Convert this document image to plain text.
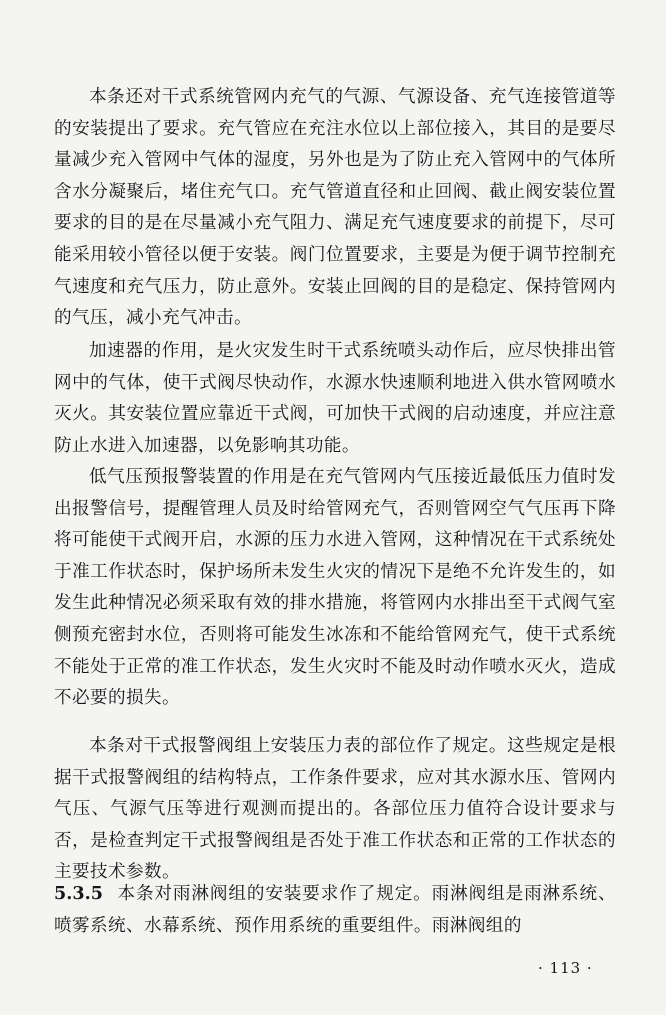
本条还对干式系统管网内充气的气源、气源设备、充气连接管道等的安装提出了要求。充气管应在充注水位以上部位接入，其目的是要尽量减少充入管网中气体的湿度，另外也是为了防止充入管网中的气体所含水分凝聚后，堵住充气口。充气管道直径和止回阀、截止阀安装位置要求的目的是在尽量减小充气阻力、满足充气速度要求的前提下，尽可能采用较小管径以便于安装。阀门位置要求，主要是为便于调节控制充气速度和充气压力，防止意外。安装止回阀的目的是稳定、保持管网内的气压，减小充气冲击。

加速器的作用，是火灾发生时干式系统喷头动作后，应尽快排出管网中的气体，使干式阀尽快动作，水源水快速顺利地进入供水管网喷水灭火。其安装位置应靠近干式阀，可加快干式阀的启动速度，并应注意防止水进入加速器，以免影响其功能。

低气压预报警装置的作用是在充气管网内气压接近最低压力值时发出报警信号，提醒管理人员及时给管网充气，否则管网空气气压再下降将可能使干式阀开启，水源的压力水进入管网，这种情况在干式系统处于准工作状态时，保护场所未发生火灾的情况下是绝不允许发生的，如发生此种情况必须采取有效的排水措施，将管网内水排出至干式阀气室侧预充密封水位，否则将可能发生冰冻和不能给管网充气，使干式系统不能处于正常的准工作状态，发生火灾时不能及时动作喷水灭火，造成不必要的损失。

本条对干式报警阀组上安装压力表的部位作了规定。这些规定是根据干式报警阀组的结构特点，工作条件要求，应对其水源水压、管网内气压、气源气压等进行观测而提出的。各部位压力值符合设计要求与否，是检查判定干式报警阀组是否处于准工作状态和正常的工作状态的主要技术参数。

5.3.5 本条对雨淋阀组的安装要求作了规定。雨淋阀组是雨淋系统、喷雾系统、水幕系统、预作用系统的重要组件。雨淋阀组的

· 113 ·
